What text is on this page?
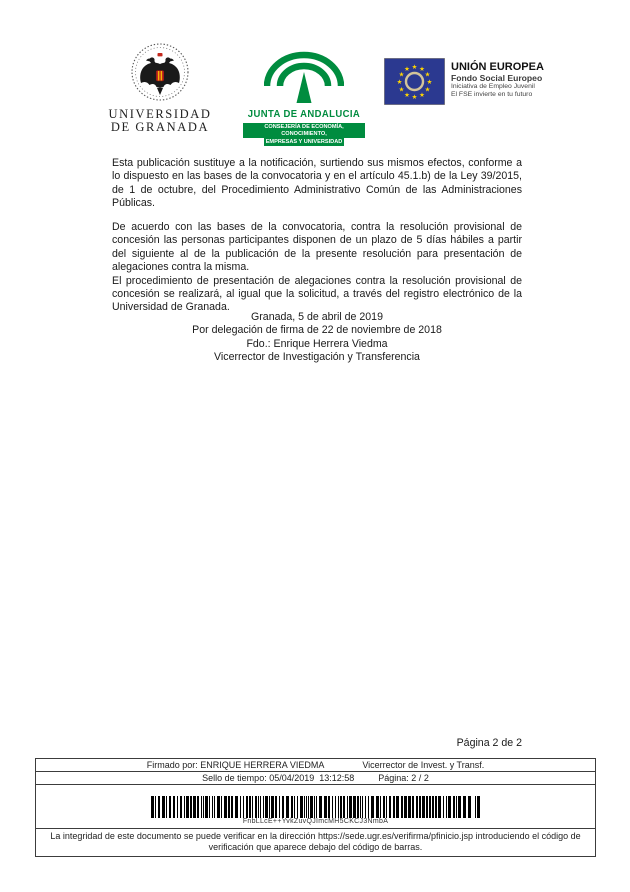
UNIVERSIDAD
DE GRANADA
JUNTA DE ANDALUCIA
CONSEJERÍA DE ECONOMÍA, CONOCIMIENTO,
EMPRESAS Y UNIVERSIDAD
★ ★
★
★
★
★
★
★
★
★
★
★	UNIÓN EUROPEA
Fondo Social Europeo
Iniciativa de Empleo Juvenil
El FSE invierte en tu futuro

Esta publicación sustituye a la notificación, surtiendo sus mismos efectos, conforme a lo dispuesto en las bases de la convocatoria y en el artículo 45.1.b) de la Ley 39/2015, de 1 de octubre, del Procedimiento Administrativo Común de las Administraciones Públicas.

De acuerdo con las bases de la convocatoria, contra la resolución provisional de concesión las personas participantes disponen de un plazo de 5 días hábiles a partir del siguiente al de la publicación de la presente resolución para presentación de alegaciones contra la misma.

El procedimiento de presentación de alegaciones contra la resolución provisional de concesión se realizará, al igual que la solicitud, a través del registro electrónico de la Universidad de Granada.

Granada, 5 de abril de 2019
Por delegación de firma de 22 de noviembre de 2018
Fdo.: Enrique Herrera Viedma
Vicerrector de Investigación y Transferencia
Página 2 de 2
Firmado por: ENRIQUE HERRERA VIEDMA	Vicerrector de Invest. y Transf.
Sello de tiempo: 05/04/2019  13:12:58	Página: 2 / 2
FnbLLcE++YvkZuvQJImcMH5CKCJ3NmbA
La integridad de este documento se puede verificar en la dirección https://sede.ugr.es/verifirma/pfinicio.jsp introduciendo el código de verificación que aparece debajo del código de barras.
